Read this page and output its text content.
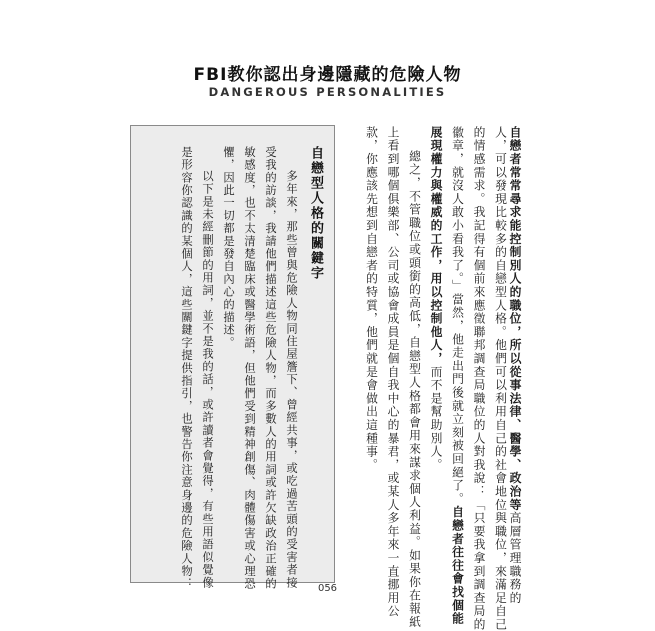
FBI教你認出身邊隱藏的危險人物
DANGEROUS PERSONALITIES
自戀者常常尋求能控制別人的職位，所以從事法律、醫學、政治等高層管理職務的
人，可以發現比較多的自戀型人格。他們可以利用自己的社會地位與職位，來滿足自己
的情感需求。我記得有個前來應徵聯邦調查局職位的人對我說：「只要我拿到調查局的
徽章，就沒人敢小看我了。」當然，他走出門後就立刻被回絕了。自戀者往往會找個能
展現權力與權威的工作，用以控制他人，而不是幫助別人。
總之，不管職位或頭銜的高低，自戀型人格都會用來謀求個人利益。如果你在報紙
上看到哪個俱樂部、公司或協會成員是個自我中心的暴君，或某人多年來一直挪用公
款，你應該先想到自戀者的特質，他們就是會做出這種事。
自戀型人格的關鍵字
多年來，那些曾與危險人物同住屋簷下、曾經共事，或吃過苦頭的受害者接
受我的訪談，我請他們描述這些危險人物，而多數人的用詞或許欠缺政治正確的
敏感度，也不太清楚臨床或醫學術語，但他們受到精神創傷、肉體傷害或心理恐
懼，因此一切都是發自內心的描述。
以下是未經刪節的用詞，並不是我的話，或許讀者會覺得，有些用語似覺像
是形容你認識的某個人，這些關鍵字提供指引，也警告你注意身邊的危險人物：	056
